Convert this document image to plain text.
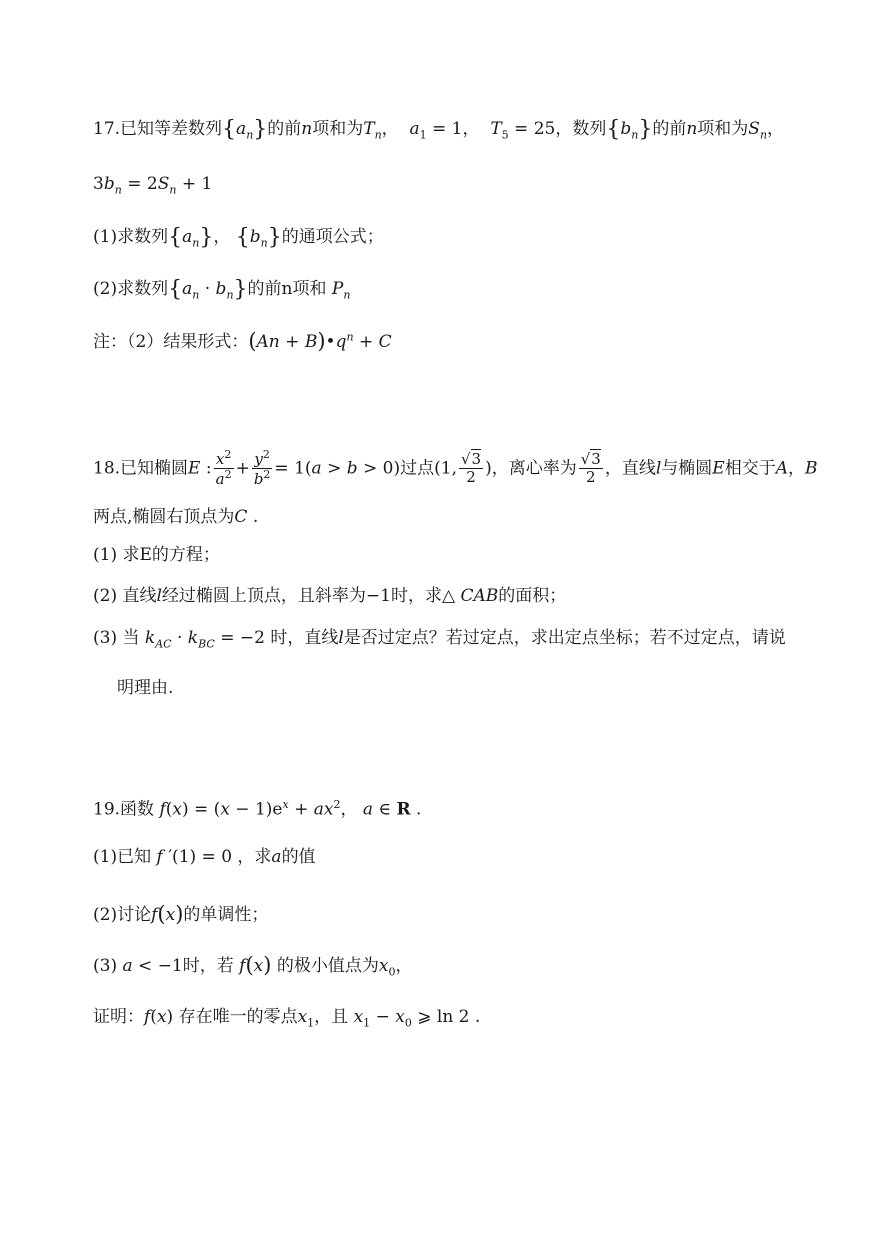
17.已知等差数列$\{a_n\}$的前n项和为$T_n$，  $a_1 = 1$，  $T_5 = 25$，数列$\{b_n\}$的前n项和为$S_n$，
$3b_n = 2S_n + 1$
(1)求数列$\{a_n\}$， $\{b_n\}$的通项公式；
(2)求数列$\{a_n \cdot b_n\}$的前n项和 $P_n$
注：（2）结果形式：$(An + B)•q^n + C$
18.已知椭圆E : $\frac{x^2}{a^2} + \frac{y^2}{b^2} = 1(a > b > 0)$过点(1, $\frac{√3}{2}$ )，离心率为 $\frac{√3}{2}$ ，直线l与椭圆E相交于A，B
两点,椭圆右顶点为C .
(1) 求E的方程；
(2) 直线l经过椭圆上顶点，且斜率为−1时，求△ CAB的面积；
(3) 当 $k_{AC} \cdot k_{BC} = -2$ 时，直线l是否过定点？若过定点，求出定点坐标；若不过定点，请说
明理由.
19.函数 $f(x) = (x - 1)e^x + ax^2$， a ∈ R .
(1)已知 f ′(1) = 0 ，求a的值
(2)讨论f(x)的单调性；
(3) a < −1时，若 f(x) 的极小值点为$x_0$，
证明：f(x) 存在唯一的零点$x_1$，且 $x_1 - x_0$ ⩾ ln 2 .
